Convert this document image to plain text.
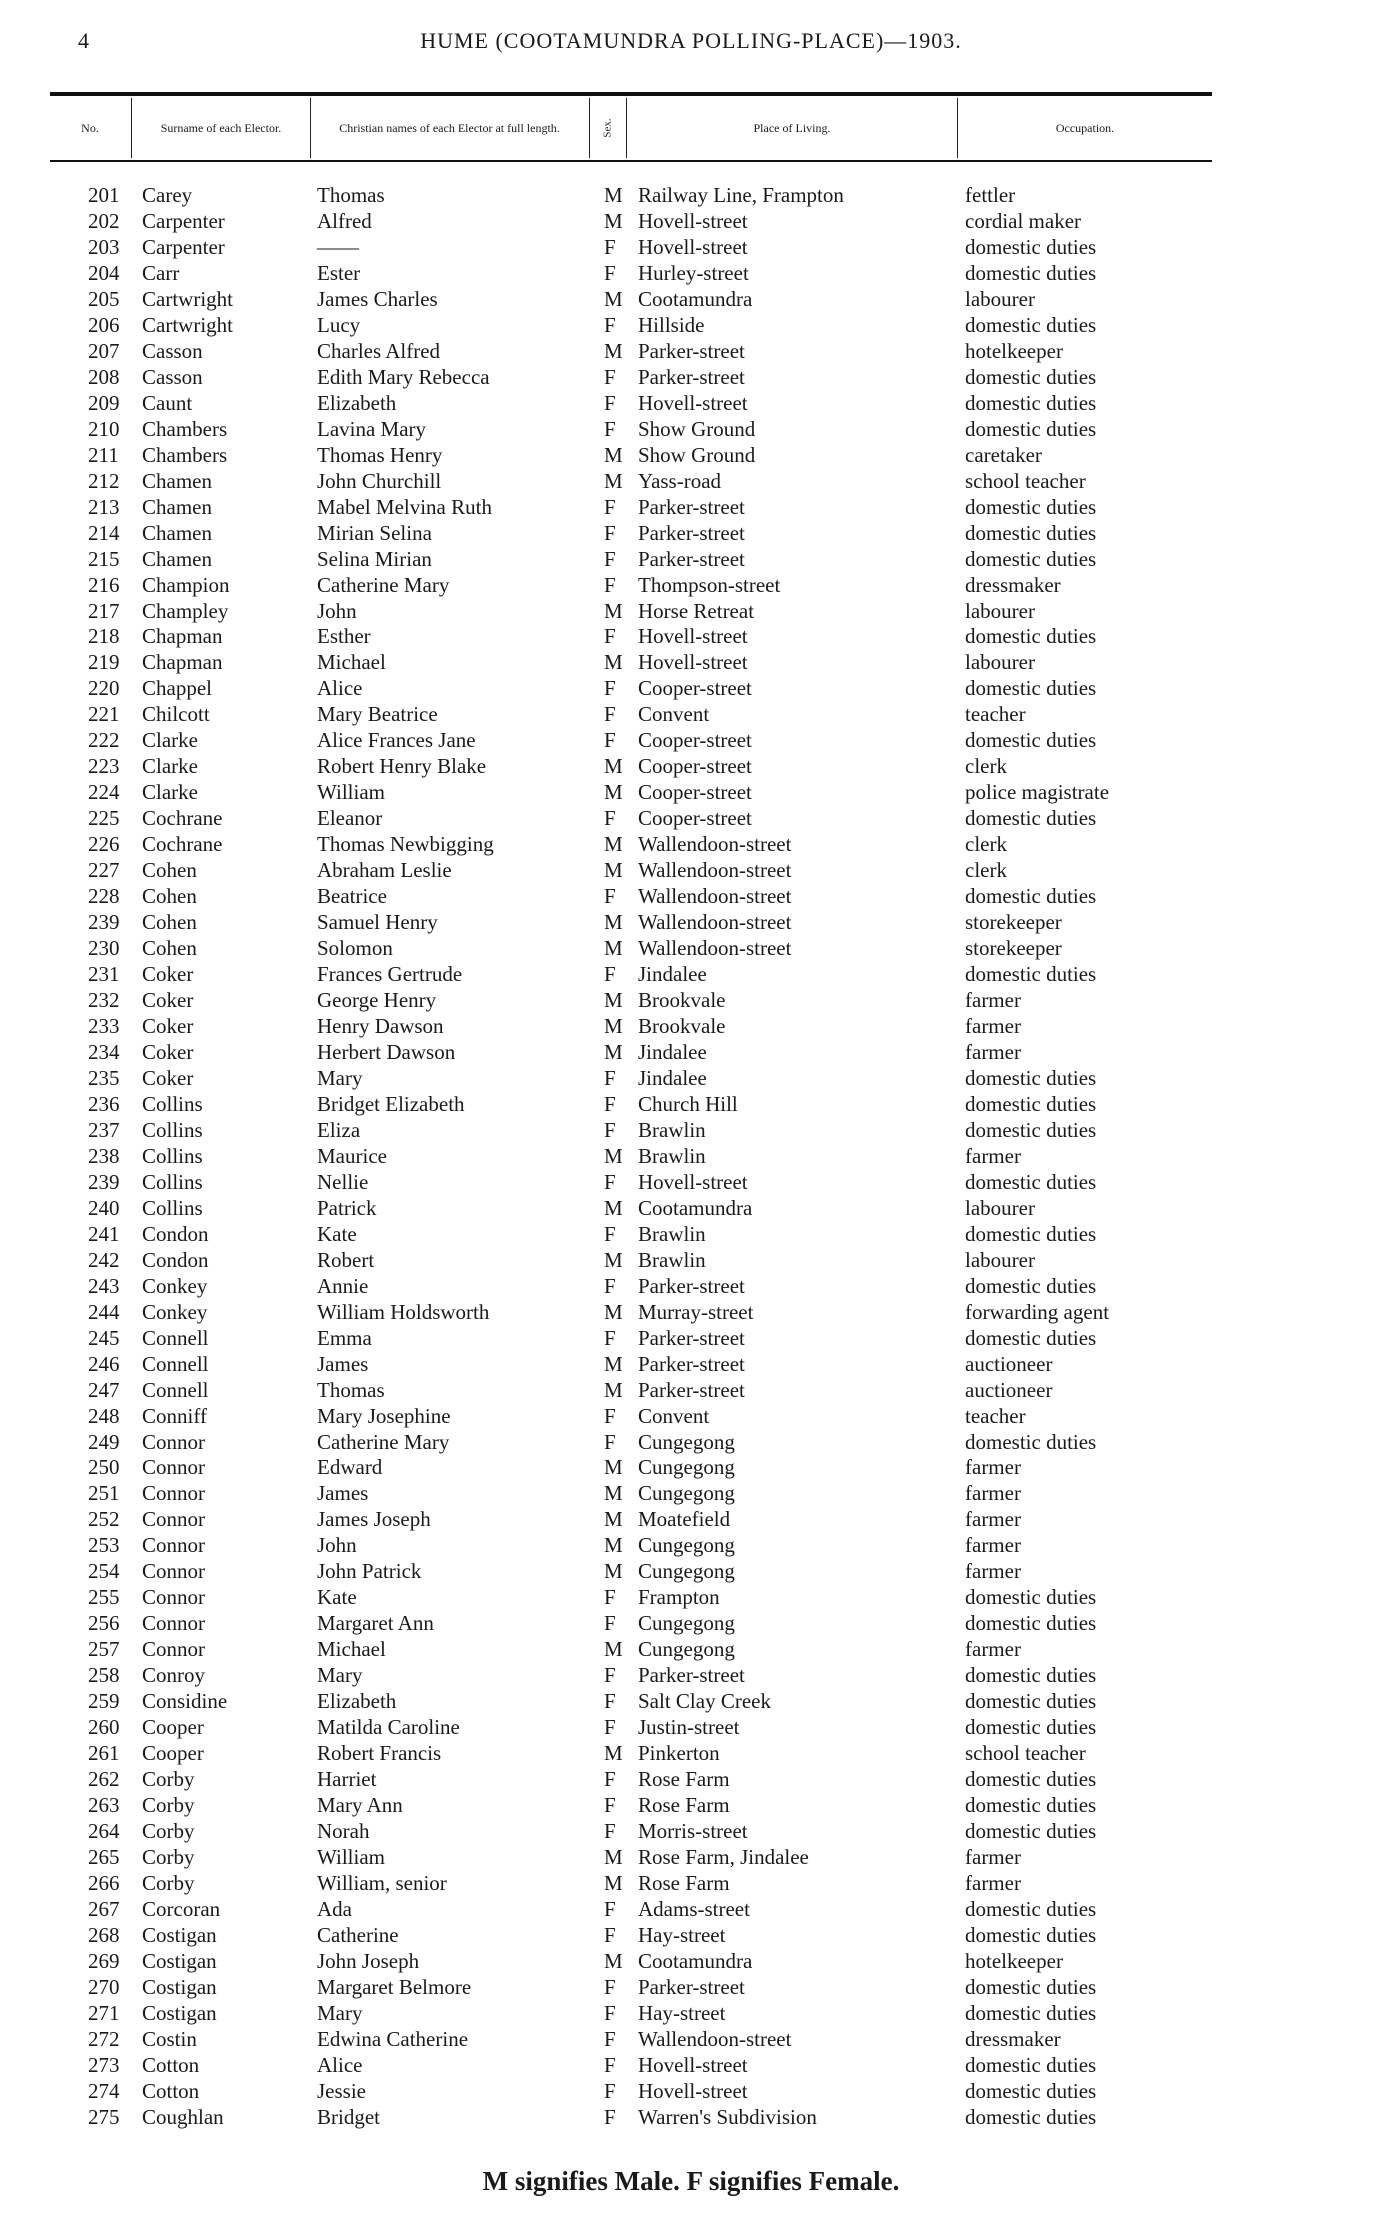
4	HUME (COOTAMUNDRA POLLING-PLACE)—1903.
No.	Surname of each Elector.	Christian names of each Elector at full length.	Sex.	Place of Living.	Occupation.
201 Carey	Thomas	M Railway Line, Frampton	fettler
202 Carpenter	Alfred	M Hovell-street	cordial maker
203 Carpenter	——	F Hovell-street	domestic duties
204 Carr	Ester	F Hurley-street	domestic duties
205 Cartwright	James Charles	M Cootamundra	labourer
206 Cartwright	Lucy	F Hillside	domestic duties
207 Casson	Charles Alfred	M Parker-street	hotelkeeper
208 Casson	Edith Mary Rebecca	F Parker-street	domestic duties
209 Caunt	Elizabeth	F Hovell-street	domestic duties
210 Chambers	Lavina Mary	F Show Ground	domestic duties
211 Chambers	Thomas Henry	M Show Ground	caretaker
212 Chamen	John Churchill	M Yass-road	school teacher
213 Chamen	Mabel Melvina Ruth	F Parker-street	domestic duties
214 Chamen	Mirian Selina	F Parker-street	domestic duties
215 Chamen	Selina Mirian	F Parker-street	domestic duties
216 Champion	Catherine Mary	F Thompson-street	dressmaker
217 Champley	John	M Horse Retreat	labourer
218 Chapman	Esther	F Hovell-street	domestic duties
219 Chapman	Michael	M Hovell-street	labourer
220 Chappel	Alice	F Cooper-street	domestic duties
221 Chilcott	Mary Beatrice	F Convent	teacher
222 Clarke	Alice Frances Jane	F Cooper-street	domestic duties
223 Clarke	Robert Henry Blake	M Cooper-street	clerk
224 Clarke	William	M Cooper-street	police magistrate
225 Cochrane	Eleanor	F Cooper-street	domestic duties
226 Cochrane	Thomas Newbigging	M Wallendoon-street	clerk
227 Cohen	Abraham Leslie	M Wallendoon-street	clerk
228 Cohen	Beatrice	F Wallendoon-street	domestic duties
239 Cohen	Samuel Henry	M Wallendoon-street	storekeeper
230 Cohen	Solomon	M Wallendoon-street	storekeeper
231 Coker	Frances Gertrude	F Jindalee	domestic duties
232 Coker	George Henry	M Brookvale	farmer
233 Coker	Henry Dawson	M Brookvale	farmer
234 Coker	Herbert Dawson	M Jindalee	farmer
235 Coker	Mary	F Jindalee	domestic duties
236 Collins	Bridget Elizabeth	F Church Hill	domestic duties
237 Collins	Eliza	F Brawlin	domestic duties
238 Collins	Maurice	M Brawlin	farmer
239 Collins	Nellie	F Hovell-street	domestic duties
240 Collins	Patrick	M Cootamundra	labourer
241 Condon	Kate	F Brawlin	domestic duties
242 Condon	Robert	M Brawlin	labourer
243 Conkey	Annie	F Parker-street	domestic duties
244 Conkey	William Holdsworth	M Murray-street	forwarding agent
245 Connell	Emma	F Parker-street	domestic duties
246 Connell	James	M Parker-street	auctioneer
247 Connell	Thomas	M Parker-street	auctioneer
248 Conniff	Mary Josephine	F Convent	teacher
249 Connor	Catherine Mary	F Cungegong	domestic duties
250 Connor	Edward	M Cungegong	farmer
251 Connor	James	M Cungegong	farmer
252 Connor	James Joseph	M Moatefield	farmer
253 Connor	John	M Cungegong	farmer
254 Connor	John Patrick	M Cungegong	farmer
255 Connor	Kate	F Frampton	domestic duties
256 Connor	Margaret Ann	F Cungegong	domestic duties
257 Connor	Michael	M Cungegong	farmer
258 Conroy	Mary	F Parker-street	domestic duties
259 Considine	Elizabeth	F Salt Clay Creek	domestic duties
260 Cooper	Matilda Caroline	F Justin-street	domestic duties
261 Cooper	Robert Francis	M Pinkerton	school teacher
262 Corby	Harriet	F Rose Farm	domestic duties
263 Corby	Mary Ann	F Rose Farm	domestic duties
264 Corby	Norah	F Morris-street	domestic duties
265 Corby	William	M Rose Farm, Jindalee	farmer
266 Corby	William, senior	M Rose Farm	farmer
267 Corcoran	Ada	F Adams-street	domestic duties
268 Costigan	Catherine	F Hay-street	domestic duties
269 Costigan	John Joseph	M Cootamundra	hotelkeeper
270 Costigan	Margaret Belmore	F Parker-street	domestic duties
271 Costigan	Mary	F Hay-street	domestic duties
272 Costin	Edwina Catherine	F Wallendoon-street	dressmaker
273 Cotton	Alice	F Hovell-street	domestic duties
274 Cotton	Jessie	F Hovell-street	domestic duties
275 Coughlan	Bridget	F Warren's Subdivision	domestic duties
M signifies Male. F signifies Female.
